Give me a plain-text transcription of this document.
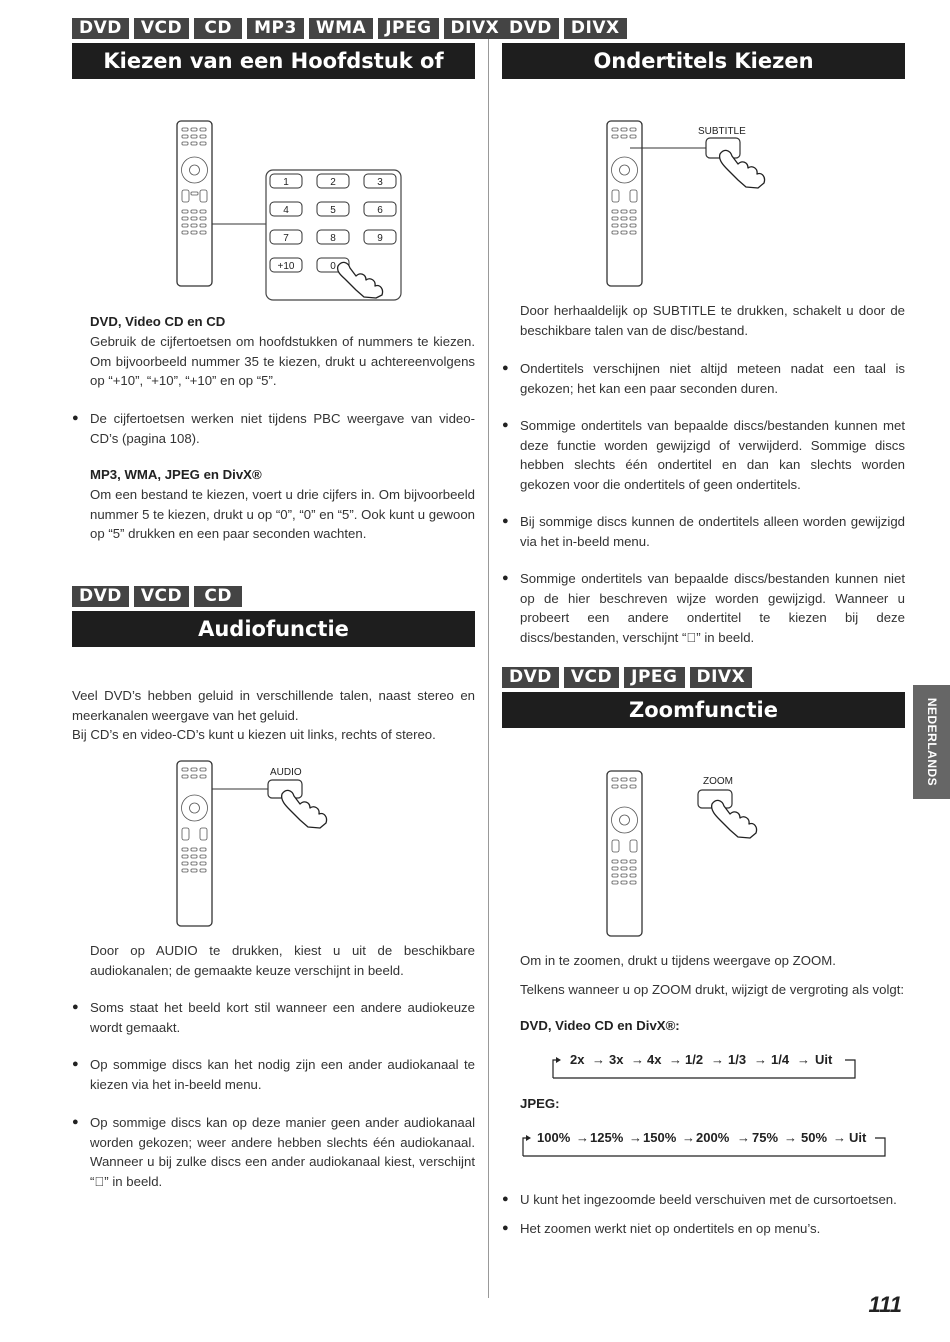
DVD	VCD	CD	MP3	WMA	JPEG	DIVX
Kiezen van een Hoofdstuk of Nummer
1	2	3
4	5	6
7	8	9
+10	0
DVD, Video CD en CD
Gebruik de cijfertoetsen om hoofdstukken of nummers te kiezen. Om bijvoorbeeld nummer 35 te kiezen, drukt u achtereenvolgens op “+10”, “+10”, “+10” en op “5”.
● De cijfertoetsen werken niet tijdens PBC weergave van video-CD’s (pagina 108).
MP3, WMA, JPEG en DivX®
Om een bestand te kiezen, voert u drie cijfers in. Om bijvoorbeeld nummer 5 te kiezen, drukt u op “0”, “0” en “5”. Ook kunt u gewoon op “5” drukken en een paar seconden wachten.
DVD	VCD	CD
Audiofunctie
Veel DVD’s hebben geluid in verschillende talen, naast stereo en meerkanalen weergave van het geluid.
Bij CD’s en video-CD’s kunt u kiezen uit links, rechts of stereo.
AUDIO
Door op AUDIO te drukken, kiest u uit de beschikbare audiokanalen; de gemaakte keuze verschijnt in beeld.
● Soms staat het beeld kort stil wanneer een andere audiokeuze wordt gemaakt.
● Op sommige discs kan het nodig zijn een ander audiokanaal te kiezen via het in-beeld menu.
● Op sommige discs kan op deze manier geen ander audiokanaal worden gekozen; weer andere hebben slechts één audiokanaal. Wanneer u bij zulke discs een ander audiokanaal kiest, verschijnt “” in beeld.
DVD	DIVX
Ondertitels Kiezen
SUBTITLE
Door herhaaldelijk op SUBTITLE te drukken, schakelt u door de beschikbare talen van de disc/bestand.
● Ondertitels verschijnen niet altijd meteen nadat een taal is gekozen; het kan een paar seconden duren.
● Sommige ondertitels van bepaalde discs/bestanden kunnen met deze functie worden gewijzigd of verwijderd. Sommige discs hebben slechts één ondertitel en dan kan slechts worden gekozen voor die ondertitels of geen ondertitels.
● Bij sommige discs kunnen de ondertitels alleen worden gewijzigd via het in-beeld menu.
● Sommige ondertitels van bepaalde discs/bestanden kunnen niet op de hier beschreven wijze worden gewijzigd. Wanneer u probeert een andere ondertitel te kiezen bij deze discs/bestanden, verschijnt “” in beeld.
DVD	VCD	JPEG	DIVX
Zoomfunctie
ZOOM
Om in te zoomen, drukt u tijdens weergave op ZOOM.
Telkens wanneer u op ZOOM drukt, wijzigt de vergroting als volgt:
DVD, Video CD en DivX®:
2x → 3x → 4x → 1/2 → 1/3 → 1/4 → Uit
JPEG:
100% → 125% → 150% → 200% → 75% → 50% → Uit
● U kunt het ingezoomde beeld verschuiven met de cursortoetsen.
● Het zoomen werkt niet op ondertitels en op menu’s.
NEDERLANDS
111
